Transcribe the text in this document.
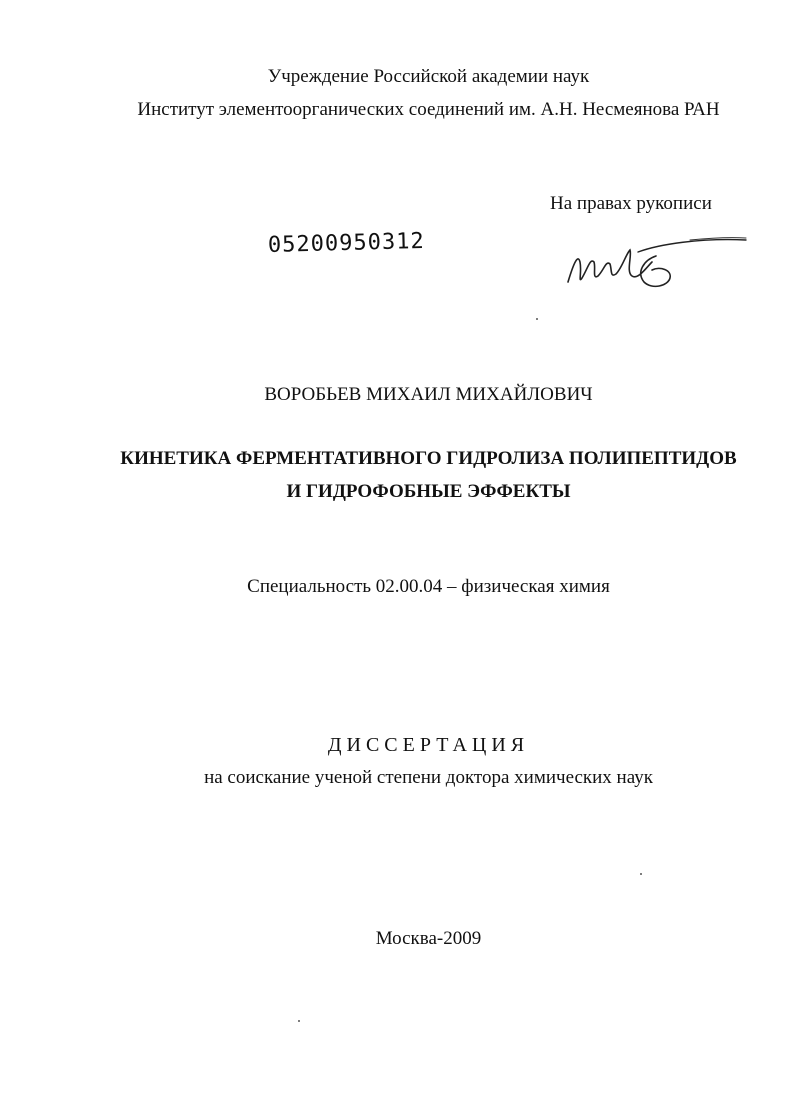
Учреждение Российской академии наук
Институт элементоорганических соединений им. А.Н. Несмеянова РАН
На правах рукописи
05200950312
ВОРОБЬЕВ МИХАИЛ МИХАЙЛОВИЧ
КИНЕТИКА ФЕРМЕНТАТИВНОГО ГИДРОЛИЗА ПОЛИПЕПТИДОВ
И ГИДРОФОБНЫЕ ЭФФЕКТЫ
Специальность 02.00.04 – физическая химия
ДИССЕРТАЦИЯ
на соискание ученой степени доктора химических наук
Москва-2009
